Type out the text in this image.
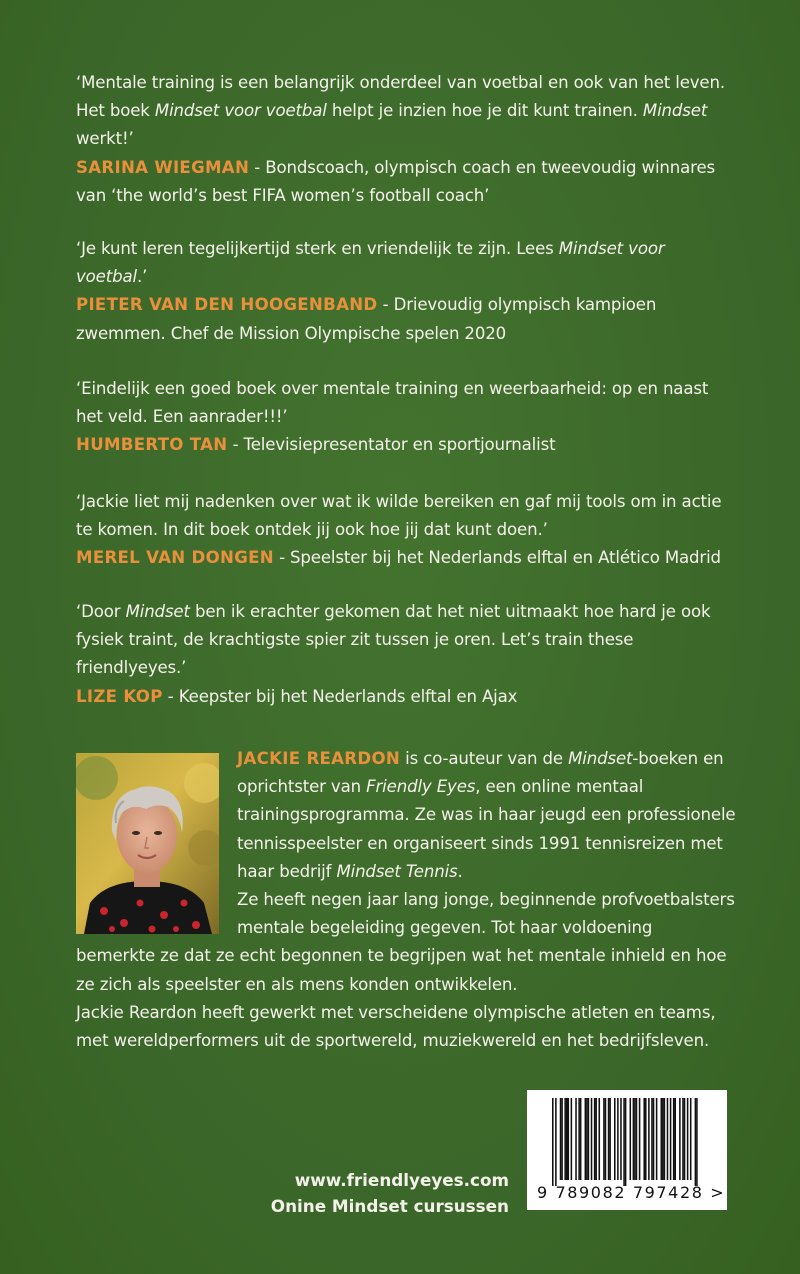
‘Mentale training is een belangrijk onderdeel van voetbal en ook van het leven. Het boek Mindset voor voetbal helpt je inzien hoe je dit kunt trainen. Mindset werkt!’

SARINA WIEGMAN - Bondscoach, olympisch coach en tweevoudig winnares van ‘the world’s best FIFA women’s football coach’

‘Je kunt leren tegelijkertijd sterk en vriendelijk te zijn. Lees Mindset voor voetbal.’

PIETER VAN DEN HOOGENBAND - Drievoudig olympisch kampioen zwemmen. Chef de Mission Olympische spelen 2020

‘Eindelijk een goed boek over mentale training en weerbaarheid: op en naast het veld. Een aanrader!!!’

HUMBERTO TAN - Televisiepresentator en sportjournalist

‘Jackie liet mij nadenken over wat ik wilde bereiken en gaf mij tools om in actie te komen. In dit boek ontdek jij ook hoe jij dat kunt doen.’

MEREL VAN DONGEN - Speelster bij het Nederlands elftal en Atlético Madrid

‘Door Mindset ben ik erachter gekomen dat het niet uitmaakt hoe hard je ook fysiek traint, de krachtigste spier zit tussen je oren. Let’s train these friendlyeyes.’

LIZE KOP - Keepster bij het Nederlands elftal en Ajax

JACKIE REARDON is co-auteur van de Mindset-boeken en oprichtster van Friendly Eyes, een online mentaal trainingsprogramma. Ze was in haar jeugd een professionele tennisspeelster en organiseert sinds 1991 tennisreizen met haar bedrijf Mindset Tennis.

Ze heeft negen jaar lang jonge, beginnende profvoetbalsters mentale begeleiding gegeven. Tot haar voldoening bemerkte ze dat ze echt begonnen te begrijpen wat het mentale inhield en hoe ze zich als speelster en als mens konden ontwikkelen.

Jackie Reardon heeft gewerkt met verscheidene olympische atleten en teams, met wereldperformers uit de sportwereld, muziekwereld en het bedrijfsleven.

www.friendlyeyes.com
Onine Mindset cursussen
9 789082 797428 >
